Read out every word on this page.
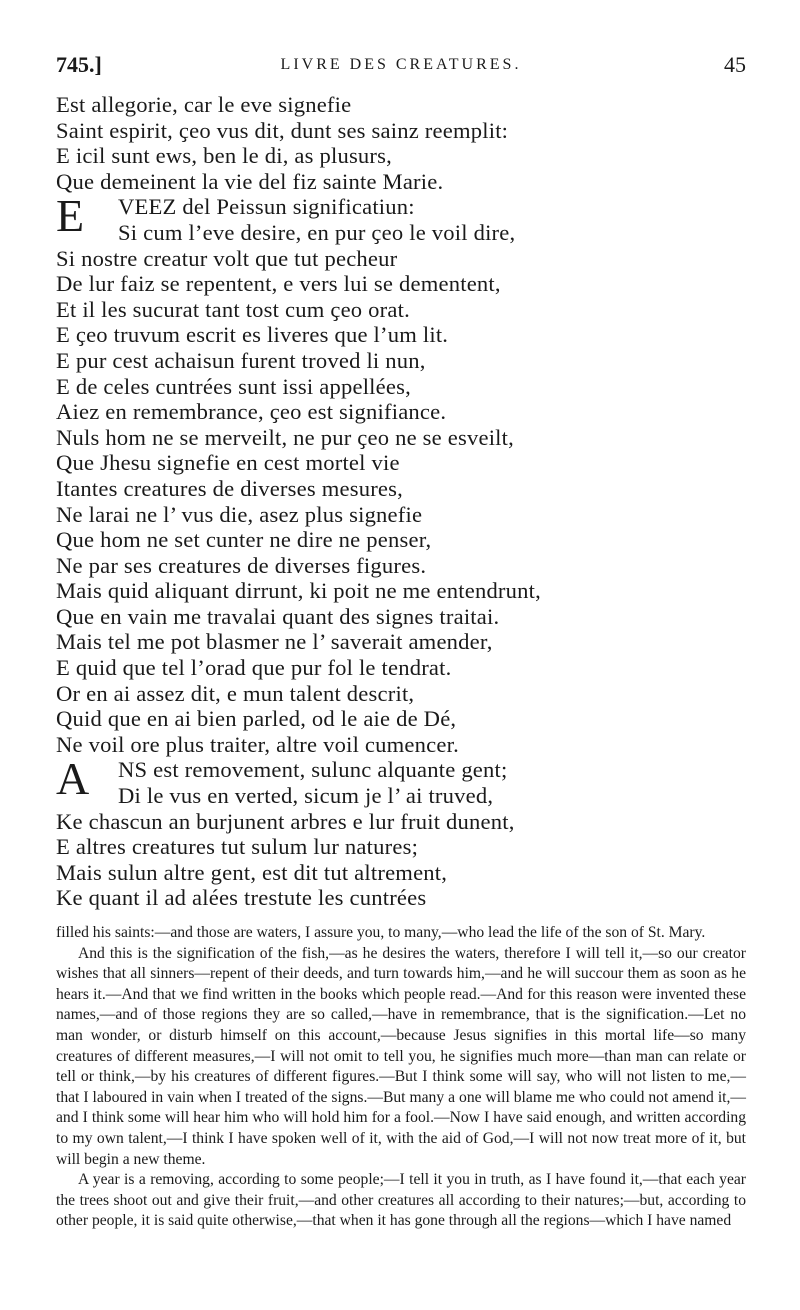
745.]	LIVRE DES CREATURES.	45
Est allegorie, car le eve signefie
Saint espirit, ҫeo vus dit, dunt ses sainz reemplit:
E icil sunt ews, ben le di, as plusurs,
Que demeinent la vie del fiz sainte Marie.
E VEEZ del Peissun significatiun:
Si cum l’eve desire, en pur ҫeo le voil dire,
Si nostre creatur volt que tut pecheur
De lur faiz se repentent, e vers lui se dementent,
Et il les sucurat tant tost cum ҫeo orat.
E ҫeo truvum escrit es liveres que l’um lit.
E pur cest achaisun furent troved li nun,
E de celes cuntrées sunt issi appellées,
Aiez en remembrance, ҫeo est signifiance.
Nuls hom ne se merveilt, ne pur ҫeo ne se esveilt,
Que Jhesu signefie en cest mortel vie
Itantes creatures de diverses mesures,
Ne larai ne l’ vus die, asez plus signefie
Que hom ne set cunter ne dire ne penser,
Ne par ses creatures de diverses figures.
Mais quid aliquant dirrunt, ki poit ne me entendrunt,
Que en vain me travalai quant des signes traitai.
Mais tel me pot blasmer ne l’ saverait amender,
E quid que tel l’orad que pur fol le tendrat.
Or en ai assez dit, e mun talent descrit,
Quid que en ai bien parled, od le aie de Dé,
Ne voil ore plus traiter, altre voil cumencer.
A NS est removement, sulunc alquante gent;
Di le vus en verted, sicum je l’ ai truved,
Ke chascun an burjunent arbres e lur fruit dunent,
E altres creatures tut sulum lur natures;
Mais sulun altre gent, est dit tut altrement,
Ke quant il ad alées trestute les cuntrées

filled his saints:—and those are waters, I assure you, to many,—who lead the life of the son of St. Mary.

And this is the signification of the fish,—as he desires the waters, therefore I will tell it,—so our creator wishes that all sinners—repent of their deeds, and turn towards him,—and he will succour them as soon as he hears it.—And that we find written in the books which people read.—And for this reason were invented these names,—and of those regions they are so called,—have in remembrance, that is the signification.—Let no man wonder, or disturb himself on this account,—because Jesus signifies in this mortal life—so many creatures of different measures,—I will not omit to tell you, he signifies much more—than man can relate or tell or think,—by his creatures of different figures.—But I think some will say, who will not listen to me,—that I laboured in vain when I treated of the signs.—But many a one will blame me who could not amend it,—and I think some will hear him who will hold him for a fool.—Now I have said enough, and written according to my own talent,—I think I have spoken well of it, with the aid of God,—I will not now treat more of it, but will begin a new theme.

A year is a removing, according to some people;—I tell it you in truth, as I have found it,—that each year the trees shoot out and give their fruit,—and other creatures all according to their natures;—but, according to other people, it is said quite otherwise,—that when it has gone through all the regions—which I have named
